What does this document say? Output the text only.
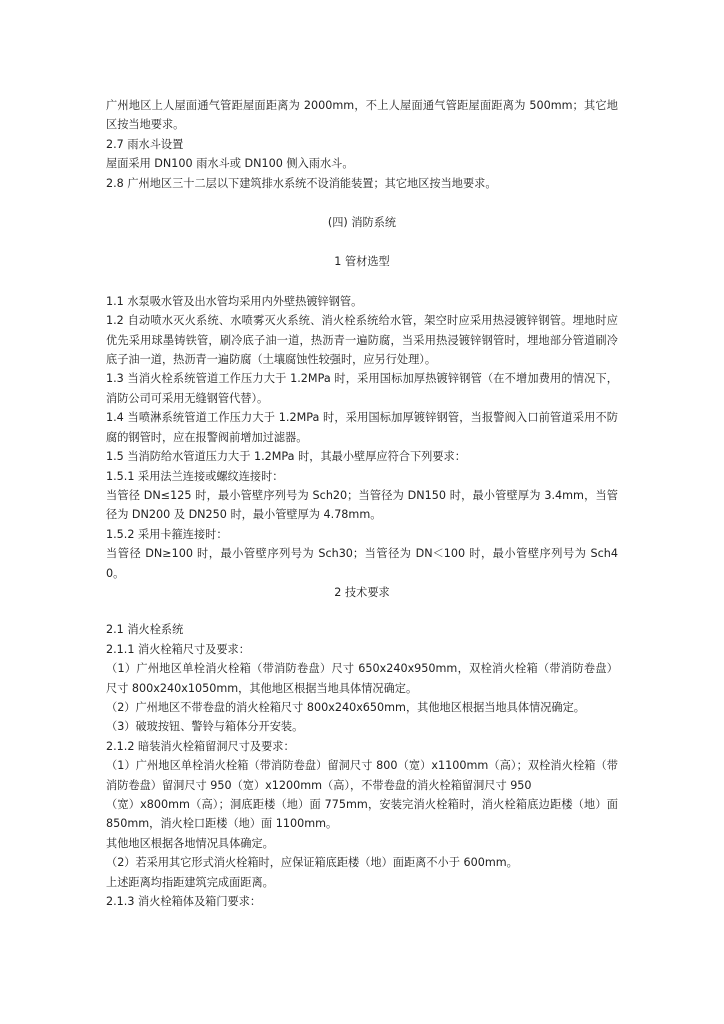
广州地区上人屋面通气管距屋面距离为 2000mm，不上人屋面通气管距屋面距离为 500mm；其它地区按当地要求。

2.7 雨水斗设置

屋面采用 DN100 雨水斗或 DN100 侧入雨水斗。

2.8 广州地区三十二层以下建筑排水系统不设消能装置；其它地区按当地要求。

(四) 消防系统

1 管材选型

1.1 水泵吸水管及出水管均采用内外壁热镀锌钢管。

1.2 自动喷水灭火系统、水喷雾灭火系统、消火栓系统给水管，架空时应采用热浸镀锌钢管。埋地时应优先采用球墨铸铁管，刷冷底子油一道，热沥青一遍防腐，当采用热浸镀锌钢管时，埋地部分管道刷冷底子油一道，热沥青一遍防腐（土壤腐蚀性较强时，应另行处理）。

1.3 当消火栓系统管道工作压力大于 1.2MPa 时，采用国标加厚热镀锌钢管（在不增加费用的情况下，消防公司可采用无缝钢管代替）。

1.4 当喷淋系统管道工作压力大于 1.2MPa 时，采用国标加厚镀锌钢管，当报警阀入口前管道采用不防腐的钢管时，应在报警阀前增加过滤器。

1.5 当消防给水管道压力大于 1.2MPa 时，其最小壁厚应符合下列要求：

1.5.1 采用法兰连接或螺纹连接时：

当管径 DN≤125 时，最小管壁序列号为 Sch20；当管径为 DN150 时，最小管壁厚为 3.4mm，当管径为 DN200 及 DN250 时，最小管壁厚为 4.78mm。

1.5.2 采用卡箍连接时：

当管径 DN≥100 时，最小管壁序列号为 Sch30；当管径为 DN＜100 时，最小管壁序列号为 Sch40。

2 技术要求

2.1 消火栓系统

2.1.1 消火栓箱尺寸及要求：

（1）广州地区单栓消火栓箱（带消防卷盘）尺寸 650x240x950mm，双栓消火栓箱（带消防卷盘）尺寸 800x240x1050mm，其他地区根据当地具体情况确定。

（2）广州地区不带卷盘的消火栓箱尺寸 800x240x650mm，其他地区根据当地具体情况确定。

（3）破玻按钮、警铃与箱体分开安装。

2.1.2 暗装消火栓箱留洞尺寸及要求：

（1）广州地区单栓消火栓箱（带消防卷盘）留洞尺寸 800（宽）x1100mm（高）；双栓消火栓箱（带消防卷盘）留洞尺寸 950（宽）x1200mm（高），不带卷盘的消火栓箱留洞尺寸 950

（宽）x800mm（高）；洞底距楼（地）面 775mm，安装完消火栓箱时，消火栓箱底边距楼（地）面 850mm，消火栓口距楼（地）面 1100mm。

其他地区根据各地情况具体确定。

（2）若采用其它形式消火栓箱时，应保证箱底距楼（地）面距离不小于 600mm。

上述距离均指距建筑完成面距离。

2.1.3 消火栓箱体及箱门要求：
